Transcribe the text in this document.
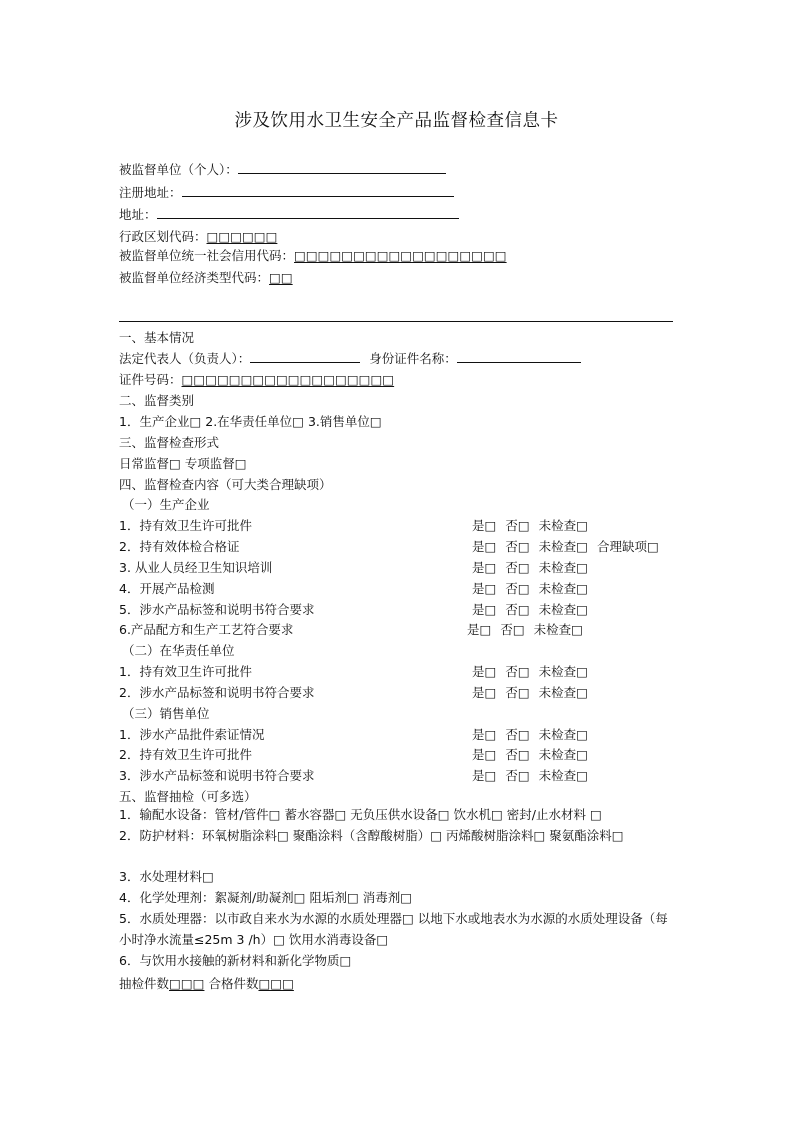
涉及饮用水卫生安全产品监督检查信息卡
被监督单位（个人）：
注册地址：
地址：
行政区划代码：□□□□□□
被监督单位统一社会信用代码：□□□□□□□□□□□□□□□□□□
被监督单位经济类型代码：□□
一、基本情况
法定代表人（负责人）：	身份证件名称：
证件号码：□□□□□□□□□□□□□□□□□□
二、监督类别
1．生产企业□ 2.在华责任单位□ 3.销售单位□
三、监督检查形式
日常监督□ 专项监督□
四、监督检查内容（可大类合理缺项）
（一）生产企业
1．持有效卫生许可批件	是□ 否□ 未检查□
2．持有效体检合格证	是□ 否□ 未检查□ 合理缺项□
3. 从业人员经卫生知识培训	是□ 否□ 未检查□
4．开展产品检测	是□ 否□ 未检查□
5．涉水产品标签和说明书符合要求	是□ 否□ 未检查□
6.产品配方和生产工艺符合要求	是□ 否□ 未检查□
（二）在华责任单位
1．持有效卫生许可批件	是□ 否□ 未检查□
2．涉水产品标签和说明书符合要求	是□ 否□ 未检查□
（三）销售单位
1．涉水产品批件索证情况	是□ 否□ 未检查□
2．持有效卫生许可批件	是□ 否□ 未检查□
3．涉水产品标签和说明书符合要求	是□ 否□ 未检查□
五、监督抽检（可多选）
1．输配水设备：管材/管件□ 蓄水容器□ 无负压供水设备□ 饮水机□ 密封/止水材料 □
2．防护材料：环氧树脂涂料□ 聚酯涂料（含醇酸树脂）□ 丙烯酸树脂涂料□ 聚氨酯涂料□
3．水处理材料□
4．化学处理剂：絮凝剂/助凝剂□ 阻垢剂□ 消毒剂□
5．水质处理器：以市政自来水为水源的水质处理器□ 以地下水或地表水为水源的水质处理设备（每小时净水流量≤25m 3 /h）□ 饮用水消毒设备□
6．与饮用水接触的新材料和新化学物质□
抽检件数□□□ 合格件数□□□
